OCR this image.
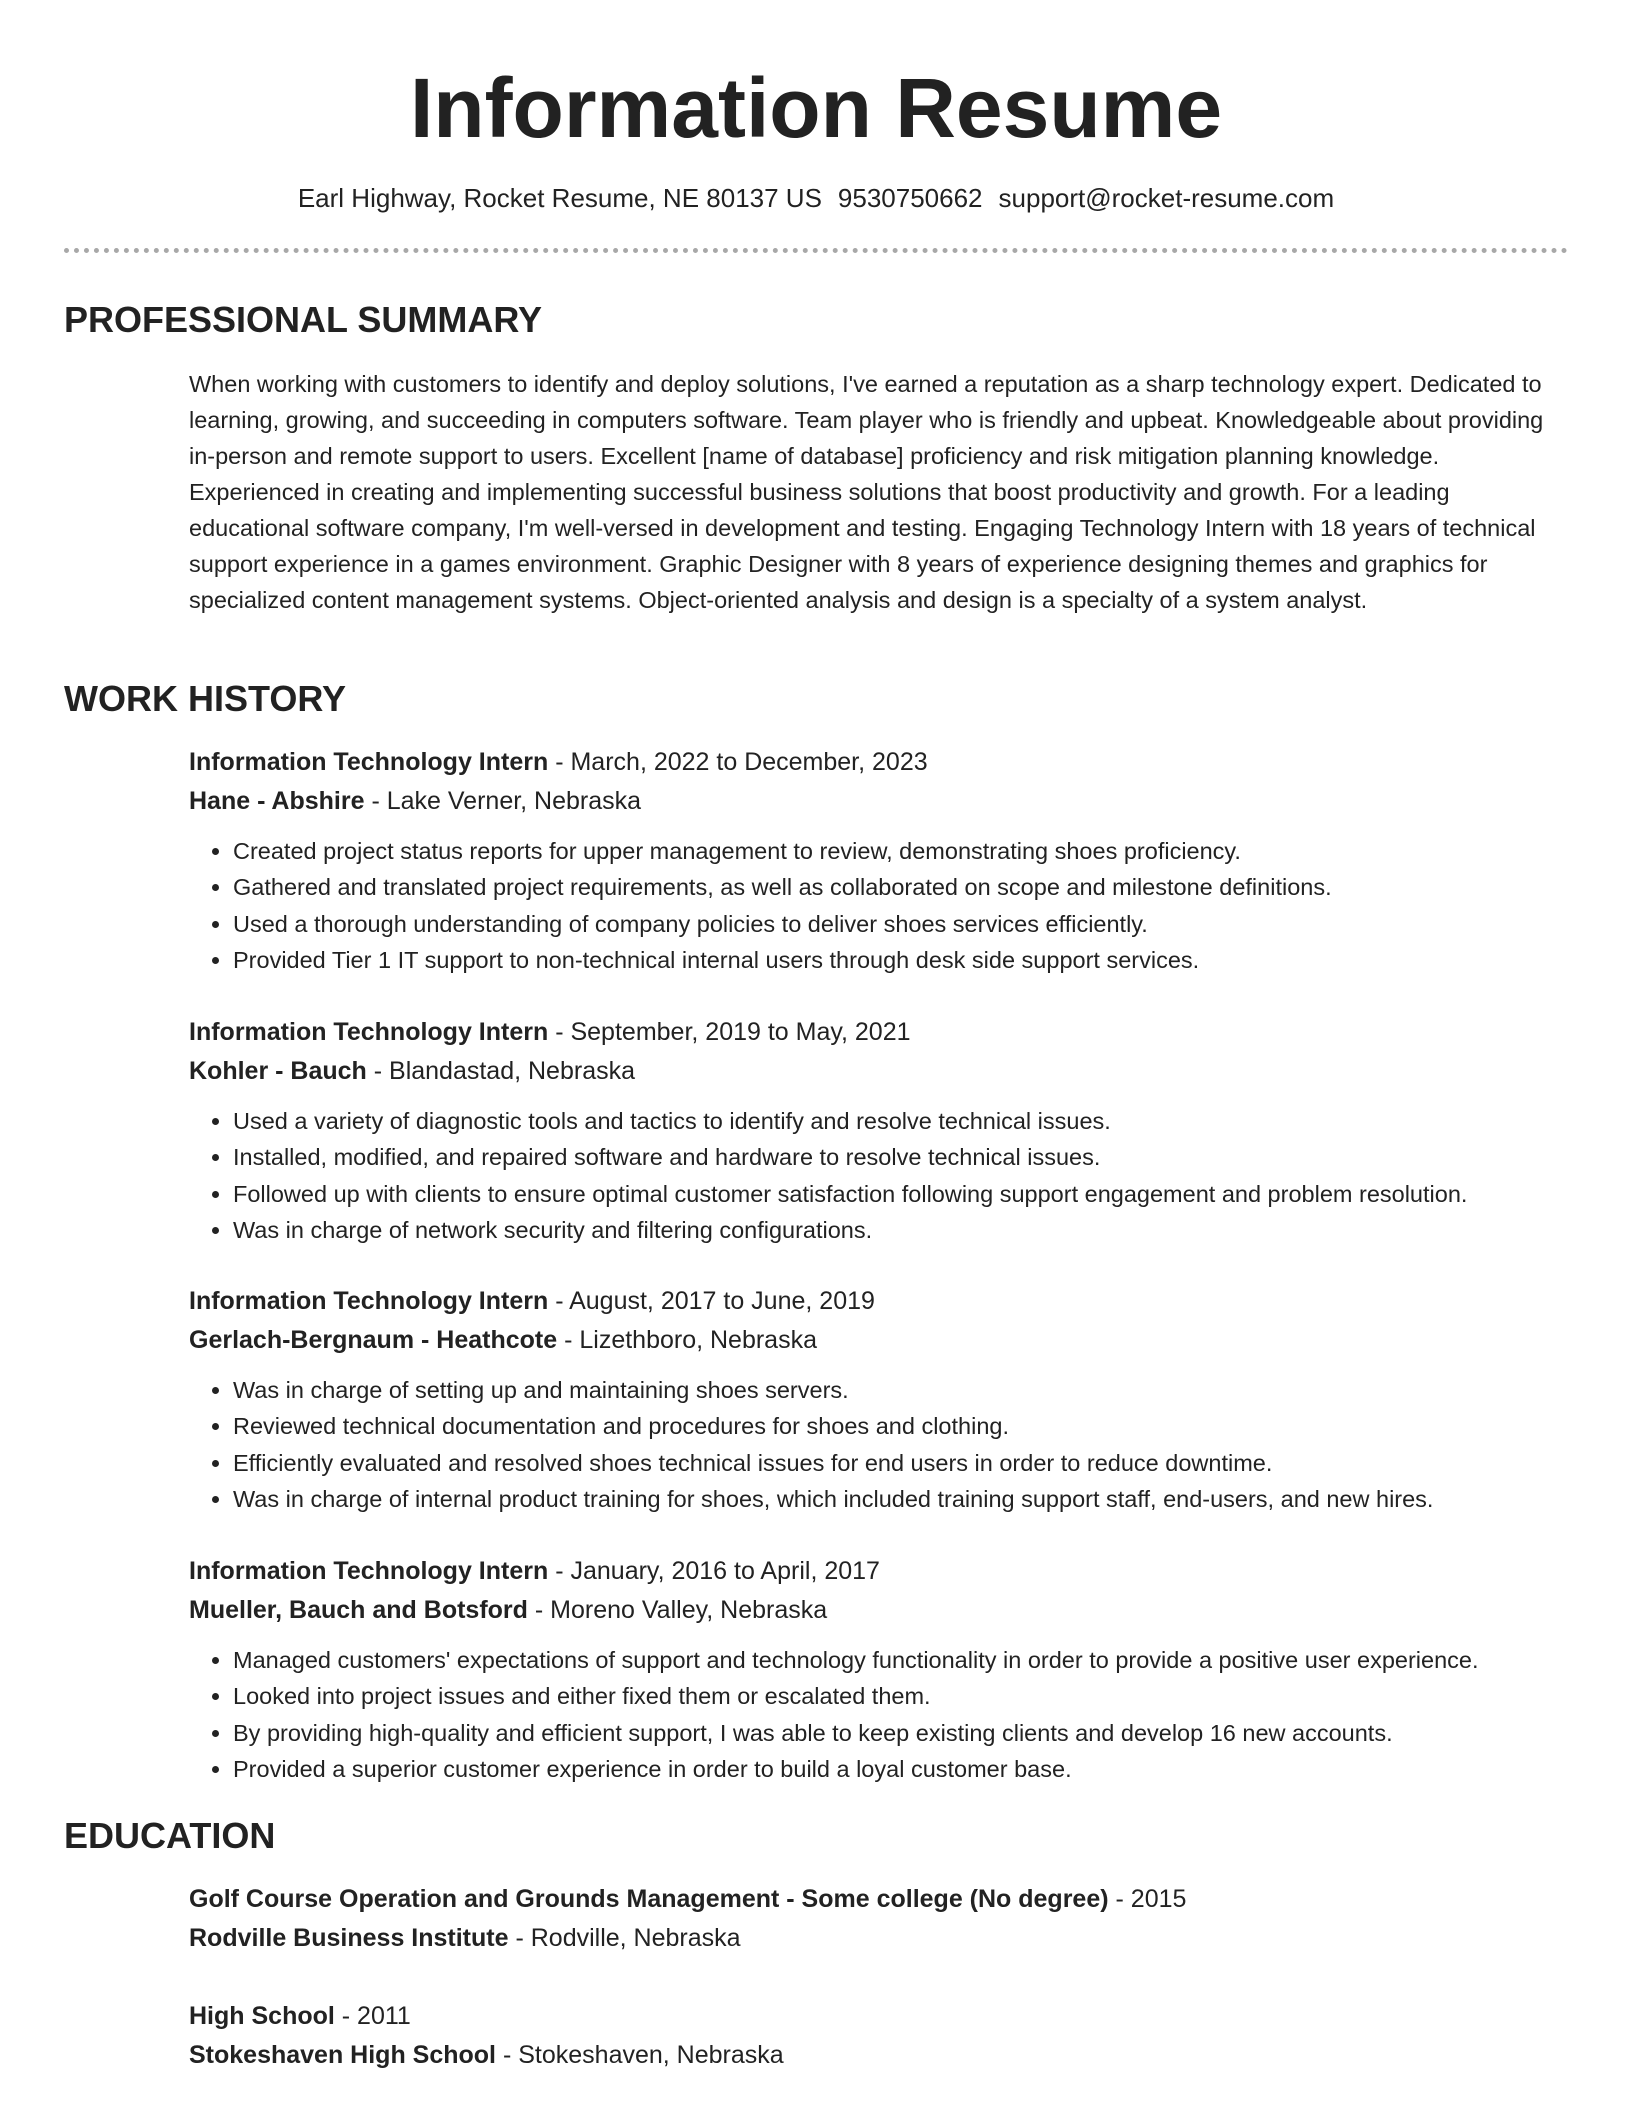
Information Resume
Earl Highway, Rocket Resume, NE 80137 US 9530750662 support@rocket-resume.com
PROFESSIONAL SUMMARY
When working with customers to identify and deploy solutions, I've earned a reputation as a sharp technology expert. Dedicated to learning, growing, and succeeding in computers software. Team player who is friendly and upbeat. Knowledgeable about providing in-person and remote support to users. Excellent [name of database] proficiency and risk mitigation planning knowledge. Experienced in creating and implementing successful business solutions that boost productivity and growth. For a leading educational software company, I'm well-versed in development and testing. Engaging Technology Intern with 18 years of technical support experience in a games environment. Graphic Designer with 8 years of experience designing themes and graphics for specialized content management systems. Object-oriented analysis and design is a specialty of a system analyst.
WORK HISTORY
Information Technology Intern - March, 2022 to December, 2023
Hane - Abshire - Lake Verner, Nebraska
• Created project status reports for upper management to review, demonstrating shoes proficiency.
• Gathered and translated project requirements, as well as collaborated on scope and milestone definitions.
• Used a thorough understanding of company policies to deliver shoes services efficiently.
• Provided Tier 1 IT support to non-technical internal users through desk side support services.
Information Technology Intern - September, 2019 to May, 2021
Kohler - Bauch - Blandastad, Nebraska
• Used a variety of diagnostic tools and tactics to identify and resolve technical issues.
• Installed, modified, and repaired software and hardware to resolve technical issues.
• Followed up with clients to ensure optimal customer satisfaction following support engagement and problem resolution.
• Was in charge of network security and filtering configurations.
Information Technology Intern - August, 2017 to June, 2019
Gerlach-Bergnaum - Heathcote - Lizethboro, Nebraska
• Was in charge of setting up and maintaining shoes servers.
• Reviewed technical documentation and procedures for shoes and clothing.
• Efficiently evaluated and resolved shoes technical issues for end users in order to reduce downtime.
• Was in charge of internal product training for shoes, which included training support staff, end-users, and new hires.
Information Technology Intern - January, 2016 to April, 2017
Mueller, Bauch and Botsford - Moreno Valley, Nebraska
• Managed customers' expectations of support and technology functionality in order to provide a positive user experience.
• Looked into project issues and either fixed them or escalated them.
• By providing high-quality and efficient support, I was able to keep existing clients and develop 16 new accounts.
• Provided a superior customer experience in order to build a loyal customer base.
EDUCATION
Golf Course Operation and Grounds Management - Some college (No degree) - 2015
Rodville Business Institute - Rodville, Nebraska
High School - 2011
Stokeshaven High School - Stokeshaven, Nebraska
